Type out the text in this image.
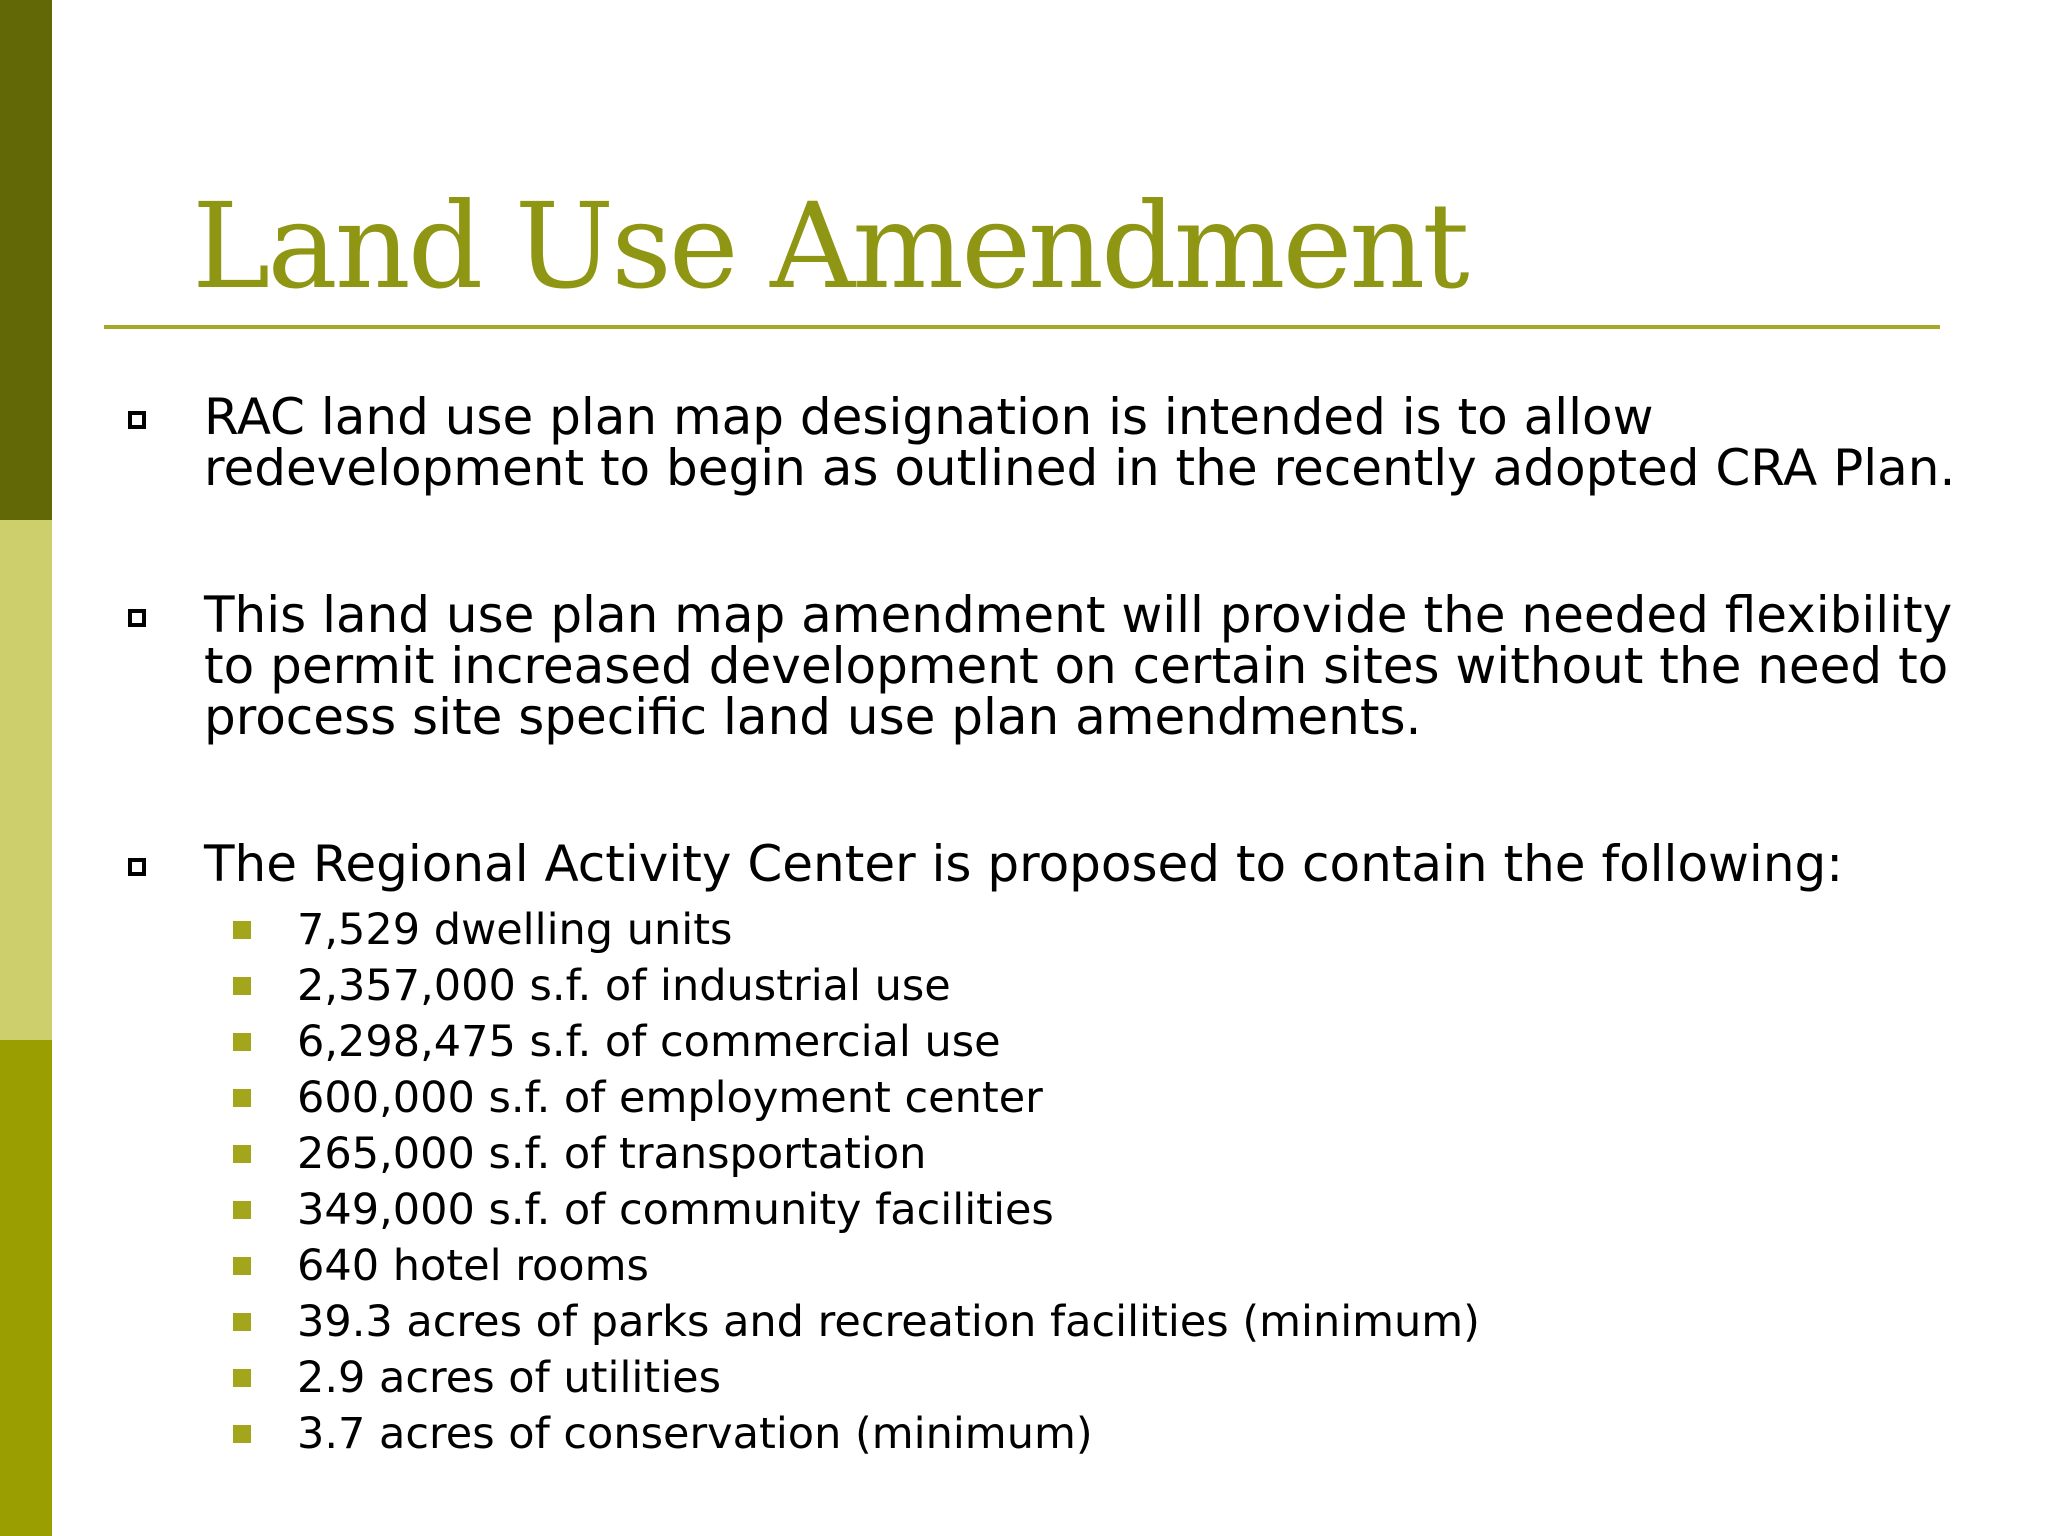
Land Use Amendment
RAC land use plan map designation is intended is to allow redevelopment to begin as outlined in the recently adopted CRA Plan.
This land use plan map amendment will provide the needed flexibility to permit increased development on certain sites without the need to process site specific land use plan amendments.
The Regional Activity Center is proposed to contain the following:
7,529 dwelling units
2,357,000 s.f. of industrial use
6,298,475 s.f. of commercial use
600,000 s.f. of employment center
265,000 s.f. of transportation
349,000 s.f. of community facilities
640 hotel rooms
39.3 acres of parks and recreation facilities (minimum)
2.9 acres of utilities
3.7 acres of conservation (minimum)
